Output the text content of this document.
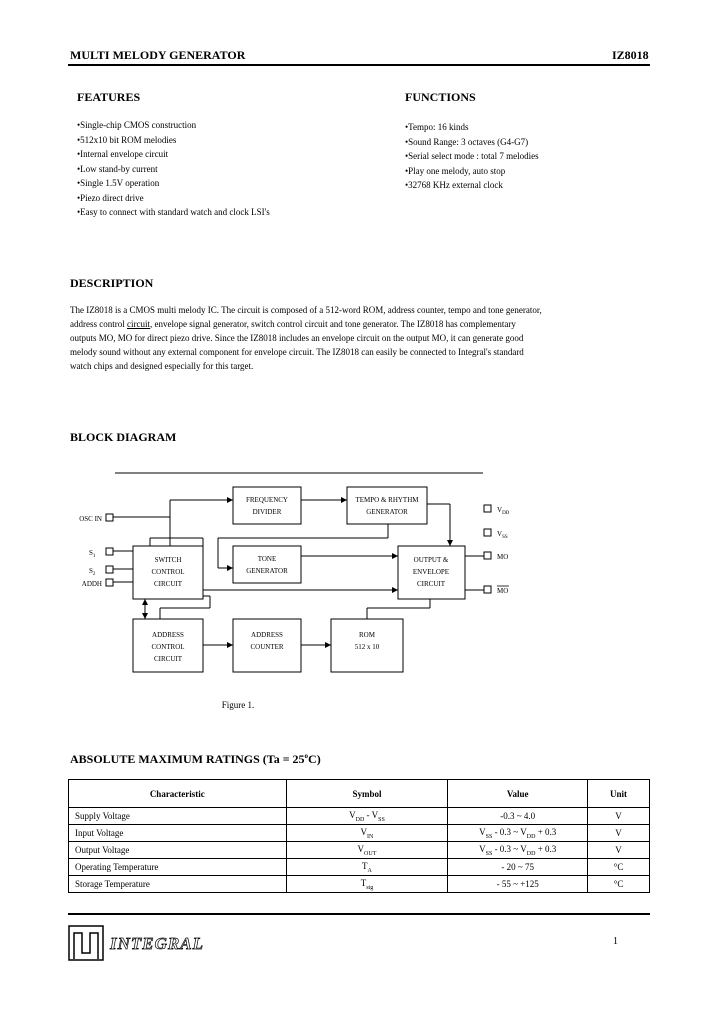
MULTI MELODY GENERATOR	IZ8018
FEATURES
• Single-chip CMOS construction
• 512x10 bit ROM melodies
• Internal envelope circuit
• Low stand-by current
• Single 1.5V operation
• Piezo direct drive
• Easy to connect with standard watch and clock LSI's
FUNCTIONS
• Tempo: 16 kinds
• Sound Range: 3 octaves (G4-G7)
• Serial select mode : total 7 melodies
• Play one melody, auto stop
• 32768 KHz external clock
DESCRIPTION
The IZ8018 is a CMOS multi melody IC. The circuit is composed of a 512-word ROM, address counter, tempo and tone generator,
address control circuit, envelope signal generator, switch control circuit and tone generator. The IZ8018 has complementary
outputs MO, MO for direct piezo drive. Since the IZ8018 includes an envelope circuit on the output MO, it can generate good
melody sound without any external component for envelope circuit. The IZ8018 can easily be connected to Integral's standard
watch chips and designed especially for this target.
BLOCK DIAGRAM
FREQUENCY
DIVIDER
TEMPO & RHYTHM
GENERATOR
SWITCH
CONTROL
CIRCUIT
TONE
GENERATOR
OUTPUT &
ENVELOPE
CIRCUIT
ADDRESS
CONTROL
CIRCUIT
ADDRESS
COUNTER
ROM
512 x 10
OSC IN
$S_1$
$S_2$
ADDH
$V_{DD}$
$V_{SS}$
MO
MO
Figure 1.
ABSOLUTE MAXIMUM RATINGS $(Ta = 25^oC)$
Characteristic	Symbol	Value	Unit
Supply Voltage	$V_{DD} - V_{SS}$	-0.3 ~ 4.0	V
Input Voltage	$V_{IN}$	$V_{SS} - 0.3$ ~ $V_{DD} + 0.3$	V
Output Voltage	$V_{OUT}$	$V_{SS} - 0.3$ ~ $V_{DD} + 0.3$	V
Operating Temperature	$T_A$	- 20 ~ 75	°C
Storage Temperature	$T_{stg}$	- 55 ~ +125	°C
INTEGRAL	1
